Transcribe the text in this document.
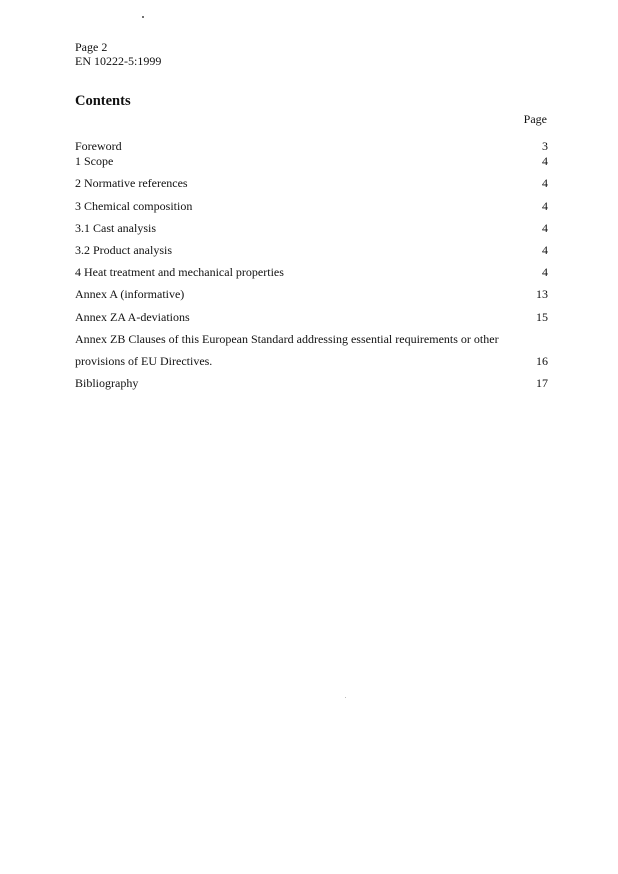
Page 2
EN 10222-5:1999
Contents
Page
Foreword	3
1 Scope	4
2 Normative references	4
3 Chemical composition	4
3.1 Cast analysis	4
3.2 Product analysis	4
4 Heat treatment and mechanical properties	4
Annex A (informative)	13
Annex ZA A-deviations	15
Annex ZB Clauses of this European Standard addressing essential requirements or other
provisions of EU Directives.	16
Bibliography	17
